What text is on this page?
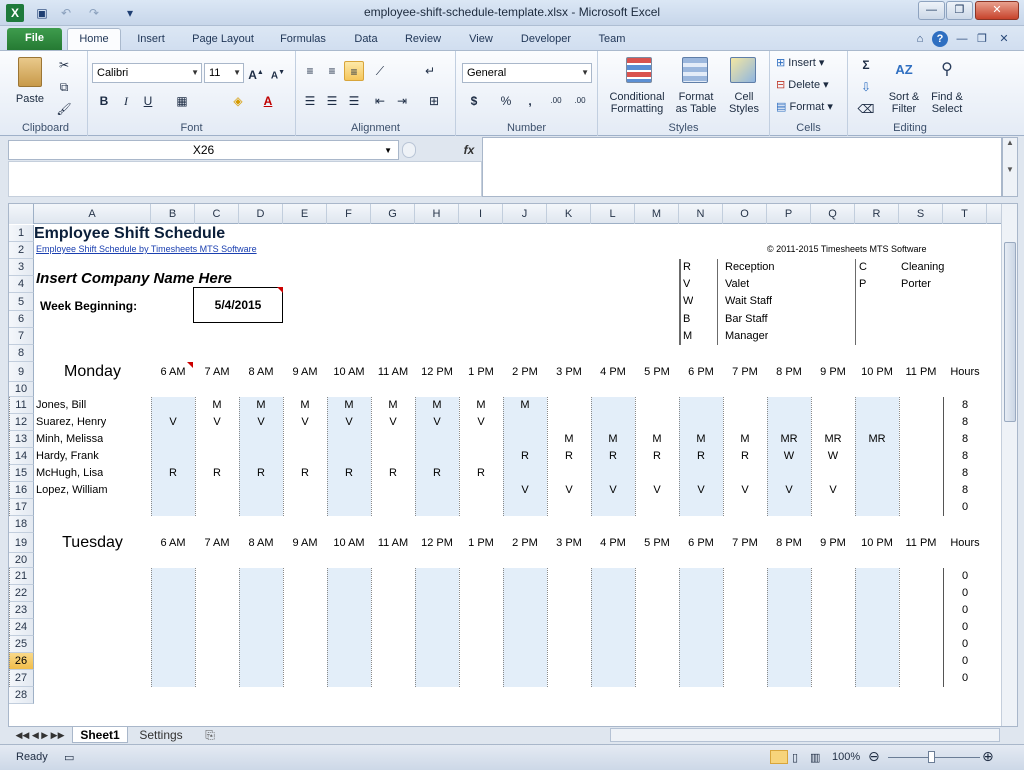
X	▣ ↶ ↷	▾	employee-shift-schedule-template.xlsx - Microsoft Excel	—	❐	✕
File	Home	Insert	Page Layout	Formulas	Data	Review	View	Developer	Team	⌂	?	— ❐	✕
Paste
✂
⧉
🖌
Clipboard
Calibri	▼ 11 ▼ A▲ A▼
B	I	U	▦	◈	A
Font
≡	≡	≡	⟋	↵
☰ ☰ ☰	⇤ ⇥	⊞
Alignment
General	▼
$	%	,	.00	.00
Number
Conditional
Formatting
Format
as Table
Cell
Styles
Styles
⊞ Insert ▾
⊟ Delete ▾
▤ Format ▾
Cells
Σ
⇩
⌫
AZ
Sort &
Filter
⚲
Find &
Select
Editing
X26	▼	fx
▲

▼
A	B	C	D	E	F	G	H	I	J	K	L	M	N	O	P	Q	R	S	T
1
2
3
4
5
6
7
8
9
10
11
12
13
14
15
16
17
18
19
20
21
22
23
24
25
26
27
28
Employee Shift Schedule
Employee Shift Schedule by Timesheets MTS Software	© 2011-2015 Timesheets MTS Software
Insert Company Name Here
Week Beginning:	5/4/2015
R	Reception	C	Cleaning
V	Valet	P	Porter
W	Wait Staff
B	Bar Staff
M	Manager
Monday	6 AM	7 AM	8 AM	9 AM	10 AM	11 AM	12 PM	1 PM	2 PM	3 PM	4 PM	5 PM	6 PM	7 PM	8 PM	9 PM	10 PM	11 PM	Hours
Employee
Jones, Bill	M	M	M	M	M	M	M	M	8
Suarez, Henry	V	V	V	V	V	V	V	V	8
Minh, Melissa	M	M	M	M	M	MR	MR	MR	8
Hardy, Frank	R	R	R	R	R	R	W	W	8
McHugh, Lisa	R	R	R	R	R	R	R	R	8
Lopez, William	V	V	V	V	V	V	V	V	8
0
Tuesday	6 AM	7 AM	8 AM	9 AM	10 AM	11 AM	12 PM	1 PM	2 PM	3 PM	4 PM	5 PM	6 PM	7 PM	8 PM	9 PM	10 PM	11 PM	Hours
Employee
0
0
0
0
0
0
0
◀◀ ◀ ▶ ▶▶	Sheet1	Settings	⎘
Ready ▭	▯ ▥ 100% ⊖	⊕
